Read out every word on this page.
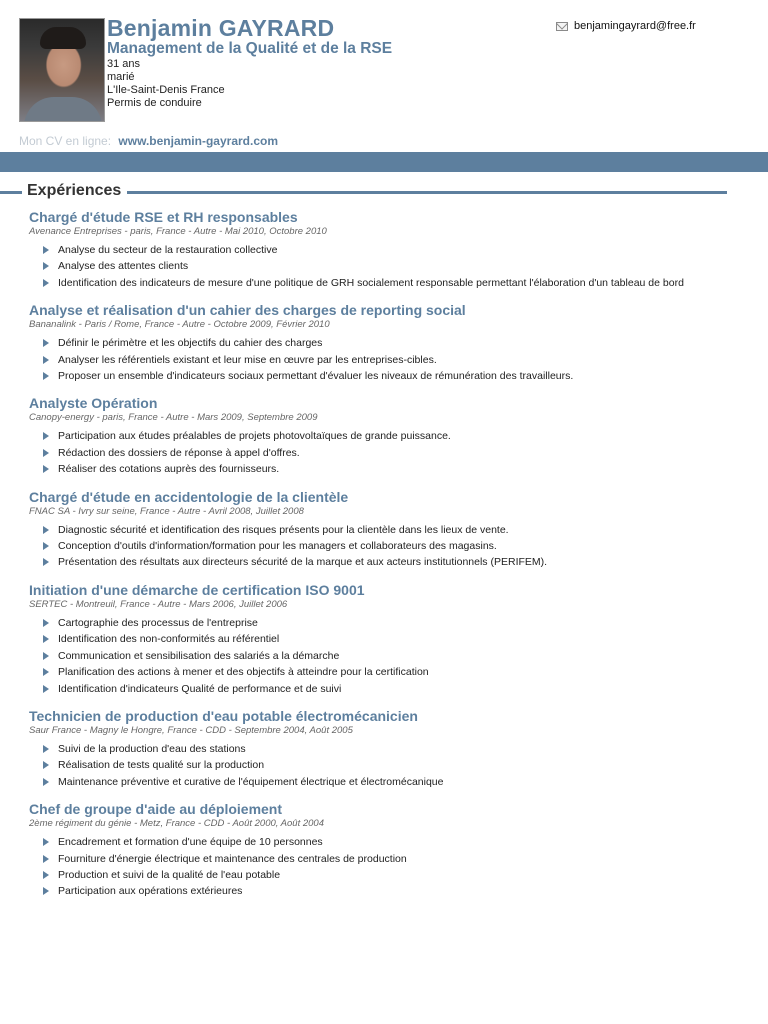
Benjamin GAYRARD
Management de la Qualité et de la RSE
31 ans
marié
L'Ile-Saint-Denis France
Permis de conduire
benjamingayrard@free.fr
Mon CV en ligne: www.benjamin-gayrard.com
Expériences

Chargé d'étude RSE et RH responsables

Avenance Entreprises - paris, France - Autre - Mai 2010, Octobre 2010

Analyse du secteur de la restauration collective
Analyse des attentes clients
Identification des indicateurs de mesure d'une politique de GRH socialement responsable permettant l'élaboration d'un tableau de bord

Analyse et réalisation d'un cahier des charges de reporting social

Bananalink - Paris / Rome, France - Autre - Octobre 2009, Février 2010

Définir le périmètre et les objectifs du cahier des charges
Analyser les référentiels existant et leur mise en œuvre par les entreprises-cibles.
Proposer un ensemble d'indicateurs sociaux permettant d'évaluer les niveaux de rémunération des travailleurs.

Analyste Opération

Canopy-energy - paris, France - Autre - Mars 2009, Septembre 2009

Participation aux études préalables de projets photovoltaïques de grande puissance.
Rédaction des dossiers de réponse à appel d'offres.
Réaliser des cotations auprès des fournisseurs.

Chargé d'étude en accidentologie de la clientèle

FNAC SA - Ivry sur seine, France - Autre - Avril 2008, Juillet 2008

Diagnostic sécurité et identification des risques présents pour la clientèle dans les lieux de vente.
Conception d'outils d'information/formation pour les managers et collaborateurs des magasins.
Présentation des résultats aux directeurs sécurité de la marque et aux acteurs institutionnels (PERIFEM).

Initiation d'une démarche de certification ISO 9001

SERTEC - Montreuil, France - Autre - Mars 2006, Juillet 2006

Cartographie des processus de l'entreprise
Identification des non-conformités au référentiel
Communication et sensibilisation des salariés a la démarche
Planification des actions à mener et des objectifs à atteindre pour la certification
Identification d'indicateurs Qualité de performance et de suivi

Technicien de production d'eau potable électromécanicien

Saur France - Magny le Hongre, France - CDD - Septembre 2004, Août 2005

Suivi de la production d'eau des stations
Réalisation de tests qualité sur la production
Maintenance préventive et curative de l'équipement électrique et électromécanique

Chef de groupe d'aide au déploiement

2ème régiment du génie - Metz, France - CDD - Août 2000, Août 2004

Encadrement et formation d'une équipe de 10 personnes
Fourniture d'énergie électrique et maintenance des centrales de production
Production et suivi de la qualité de l'eau potable
Participation aux opérations extérieures
